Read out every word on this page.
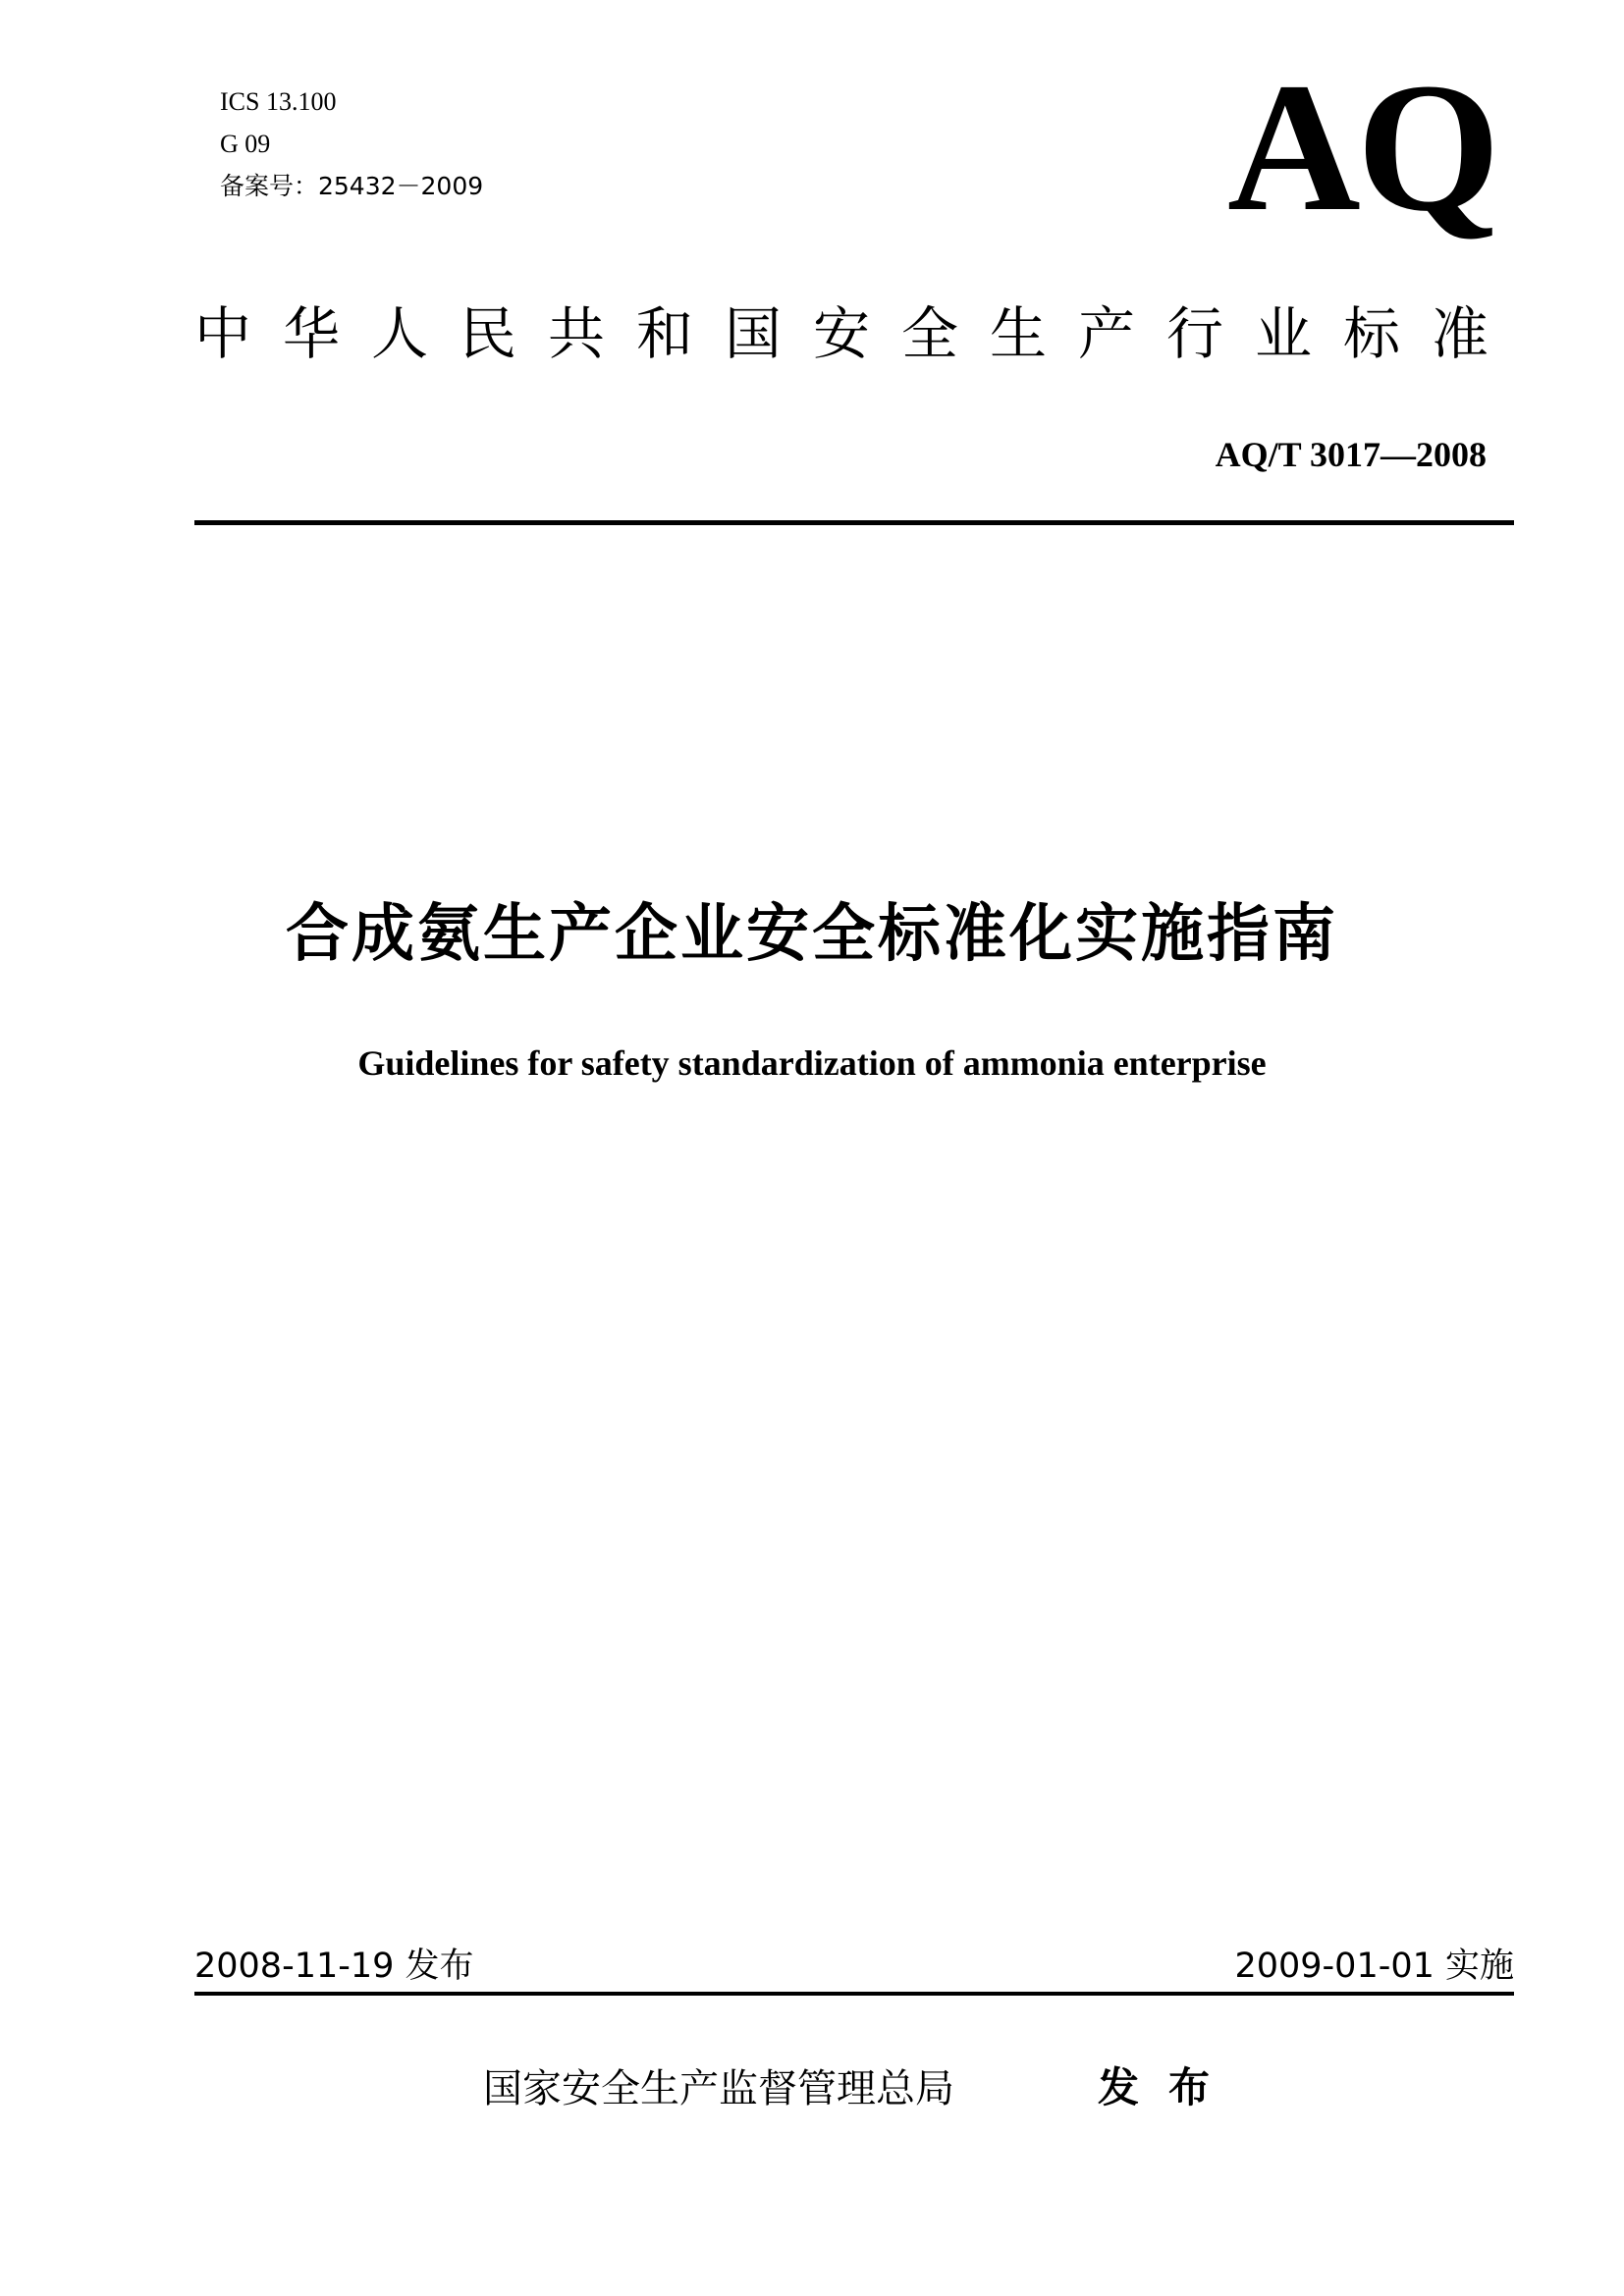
ICS 13.100
G 09
备案号：25432－2009	AQ
中华人民共和国安全生产行业标准
AQ/T 3017—2008
合成氨生产企业安全标准化实施指南
Guidelines for safety standardization of ammonia enterprise
2008-11-19 发布	2009-01-01 实施
国家安全生产监督管理总局	发布
